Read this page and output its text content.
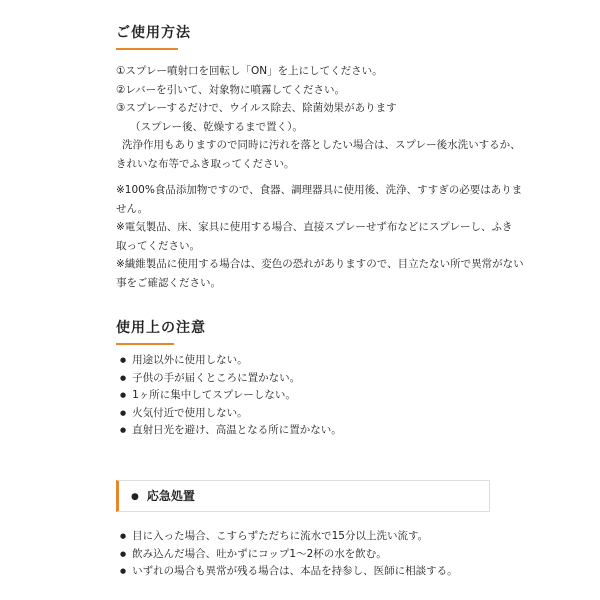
ご使用方法
①スプレー噴射口を回転し「ON」を上にしてください。
②レバーを引いて、対象物に噴霧してください。
③スプレーするだけで、ウイルス除去、除菌効果があります
（スプレー後、乾燥するまで置く）。
洗浄作用もありますので同時に汚れを落としたい場合は、スプレー後水洗いするか、
きれいな布等でふき取ってください。
※100%食品添加物ですので、食器、調理器具に使用後、洗浄、すすぎの必要はありま
せん。
※電気製品、床、家具に使用する場合、直接スプレーせず布などにスプレーし、ふき
取ってください。
※繊維製品に使用する場合は、変色の恐れがありますので、目立たない所で異常がない
事をご確認ください。
使用上の注意
● 用途以外に使用しない。
● 子供の手が届くところに置かない。
● 1ヶ所に集中してスプレーしない。
● 火気付近で使用しない。
● 直射日光を避け、高温となる所に置かない。
● 応急処置
● 目に入った場合、こすらずただちに流水で15分以上洗い流す。
● 飲み込んだ場合、吐かずにコップ1～2杯の水を飲む。
● いずれの場合も異常が残る場合は、本品を持参し、医師に相談する。
